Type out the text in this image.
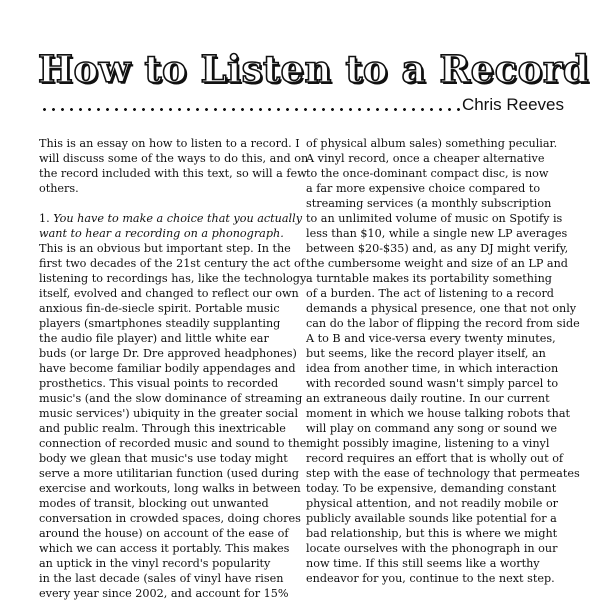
How to Listen to a Record
Chris Reeves
This is an essay on how to listen to a record. I
will discuss some of the ways to do this, and on
the record included with this text, so will a few
others.
1. You have to make a choice that you actually
want to hear a recording on a phonograph.
This is an obvious but important step. In the
first two decades of the 21st century the act of
listening to recordings has, like the technology
itself, evolved and changed to reflect our own
anxious fin-de-siecle spirit. Portable music
players (smartphones steadily supplanting
the audio file player) and little white ear
buds (or large Dr. Dre approved headphones)
have become familiar bodily appendages and
prosthetics. This visual points to recorded
music's (and the slow dominance of streaming
music services') ubiquity in the greater social
and public realm. Through this inextricable
connection of recorded music and sound to the
body we glean that music's use today might
serve a more utilitarian function (used during
exercise and workouts, long walks in between
modes of transit, blocking out unwanted
conversation in crowded spaces, doing chores
around the house) on account of the ease of
which we can access it portably. This makes
an uptick in the vinyl record's popularity
in the last decade (sales of vinyl have risen
every year since 2002, and account for 15%
of physical album sales) something peculiar.
A vinyl record, once a cheaper alternative
to the once-dominant compact disc, is now
a far more expensive choice compared to
streaming services (a monthly subscription
to an unlimited volume of music on Spotify is
less than $10, while a single new LP averages
between $20-$35) and, as any DJ might verify,
the cumbersome weight and size of an LP and
a turntable makes its portability something
of a burden. The act of listening to a record
demands a physical presence, one that not only
can do the labor of flipping the record from side
A to B and vice-versa every twenty minutes,
but seems, like the record player itself, an
idea from another time, in which interaction
with recorded sound wasn't simply parcel to
an extraneous daily routine. In our current
moment in which we house talking robots that
will play on command any song or sound we
might possibly imagine, listening to a vinyl
record requires an effort that is wholly out of
step with the ease of technology that permeates
today. To be expensive, demanding constant
physical attention, and not readily mobile or
publicly available sounds like potential for a
bad relationship, but this is where we might
locate ourselves with the phonograph in our
now time. If this still seems like a worthy
endeavor for you, continue to the next step.
